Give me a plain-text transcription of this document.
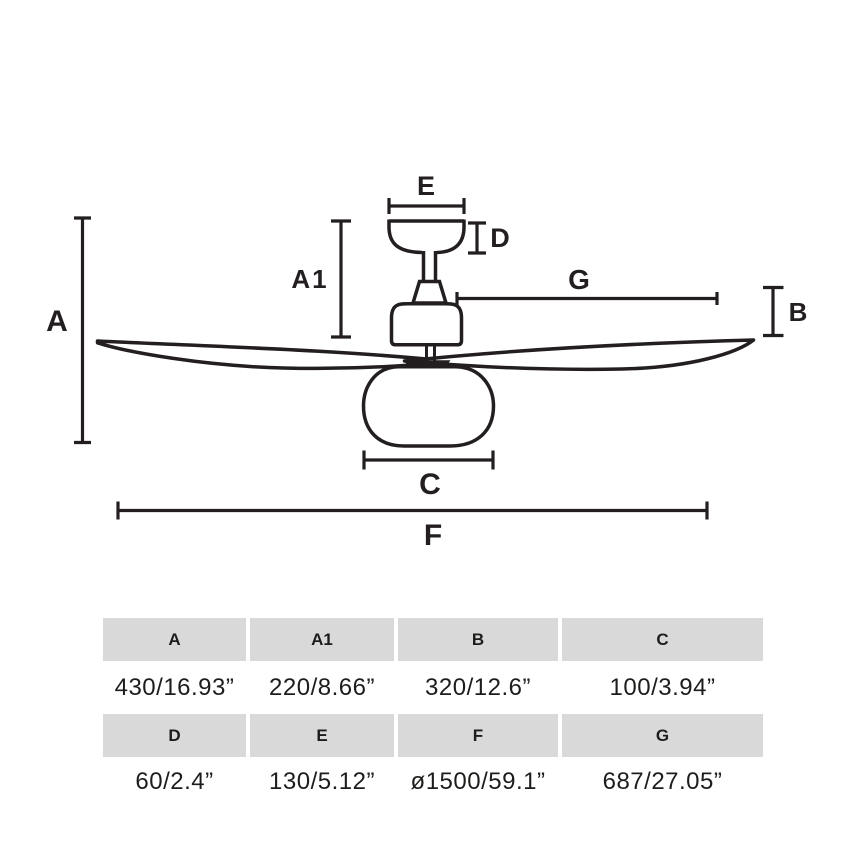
A
A1
E
D
G
B
C
F
A	A1	B	C
430/16.93”	220/8.66”	320/12.6”	100/3.94”
D	E	F	G
60/2.4”	130/5.12”	ø1500/59.1”	687/27.05”
